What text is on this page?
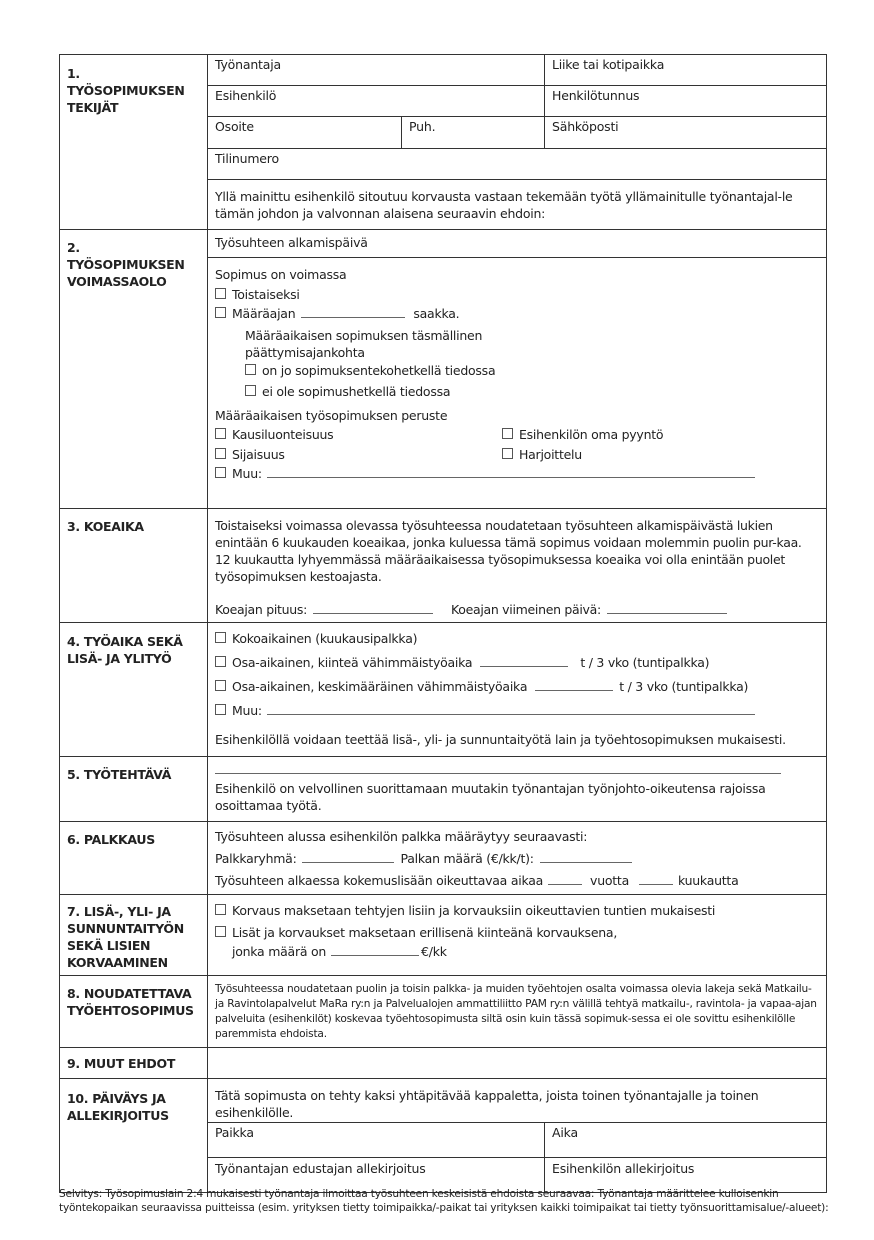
1. TYÖSOPIMUKSEN TEKIJÄT
Työnantaja	Liike tai kotipaikka
Esihenkilö	Henkilötunnus
Osoite	Puh.	Sähköposti
Tilinumero
Yllä mainittu esihenkilö sitoutuu korvausta vastaan tekemään työtä yllämainitulle työnantajal-le tämän johdon ja valvonnan alaisena seuraavin ehdoin:
2. TYÖSOPIMUKSEN VOIMASSAOLO
Työsuhteen alkamispäivä
Sopimus on voimassa
Toistaiseksi
Määräajan	saakka.
Määräaikaisen sopimuksen täsmällinen päättymisajankohta
on jo sopimuksentekohetkellä tiedossa
ei ole sopimushetkellä tiedossa
Määräaikaisen työsopimuksen peruste
Kausiluonteisuus	Esihenkilön oma pyyntö
Sijaisuus	Harjoittelu
Muu:
3. KOEAIKA	Toistaiseksi voimassa olevassa työsuhteessa noudatetaan työsuhteen alkamispäivästä lukien enintään 6 kuukauden koeaikaa, jonka kuluessa tämä sopimus voidaan molemmin puolin pur-kaa. 12 kuukautta lyhyemmässä määräaikaisessa työsopimuksessa koeaika voi olla enintään puolet työsopimuksen kestoajasta.
Koeajan pituus:	Koeajan viimeinen päivä:
4. TYÖAIKA SEKÄ LISÄ- JA YLITYÖ
Kokoaikainen (kuukausipalkka)
Osa-aikainen, kiinteä vähimmäistyöaika	t / 3 vko (tuntipalkka)
Osa-aikainen, keskimääräinen vähimmäistyöaika	t / 3 vko (tuntipalkka)
Muu:
Esihenkilöllä voidaan teettää lisä-, yli- ja sunnuntaityötä lain ja työehtosopimuksen mukaisesti.
5. TYÖTEHTÄVÄ
Esihenkilö on velvollinen suorittamaan muutakin työnantajan työnjohto-oikeutensa rajoissa osoittamaa työtä.
6. PALKKAUS	Työsuhteen alussa esihenkilön palkka määräytyy seuraavasti:
Palkkaryhmä:	Palkan määrä (€/kk/t):
Työsuhteen alkaessa kokemuslisään oikeuttavaa aikaa	vuotta	kuukautta
7. LISÄ-, YLI- JA SUNNUNTAITYÖN SEKÄ LISIEN KORVAAMINEN
Korvaus maksetaan tehtyjen lisiin ja korvauksiin oikeuttavien tuntien mukaisesti
Lisät ja korvaukset maksetaan erillisenä kiinteänä korvauksena,
jonka määrä on	€/kk
8. NOUDATETTAVA TYÖEHTOSOPIMUS
Työsuhteessa noudatetaan puolin ja toisin palkka- ja muiden työehtojen osalta voimassa olevia lakeja sekä Matkailu- ja Ravintolapalvelut MaRa ry:n ja Palvelualojen ammattiliitto PAM ry:n välillä tehtyä matkailu-, ravintola- ja vapaa-ajan palveluita (esihenkilöt) koskevaa työehtosopimusta siltä osin kuin tässä sopimuk-sessa ei ole sovittu esihenkilölle paremmista ehdoista.
9. MUUT EHDOT
10. PÄIVÄYS JA ALLEKIRJOITUS
Tätä sopimusta on tehty kaksi yhtäpitävää kappaletta, joista toinen työnantajalle ja toinen esihenkilölle.
Paikka	Aika
Työnantajan edustajan allekirjoitus	Esihenkilön allekirjoitus
Selvitys: Työsopimuslain 2:4 mukaisesti työnantaja ilmoittaa työsuhteen keskeisistä ehdoista seuraavaa: Työnantaja määrittelee kulloisenkin työntekopaikan seuraavissa puitteissa (esim. yrityksen tietty toimipaikka/-paikat tai yrityksen kaikki toimipaikat tai tietty työnsuorittamisalue/-alueet):
